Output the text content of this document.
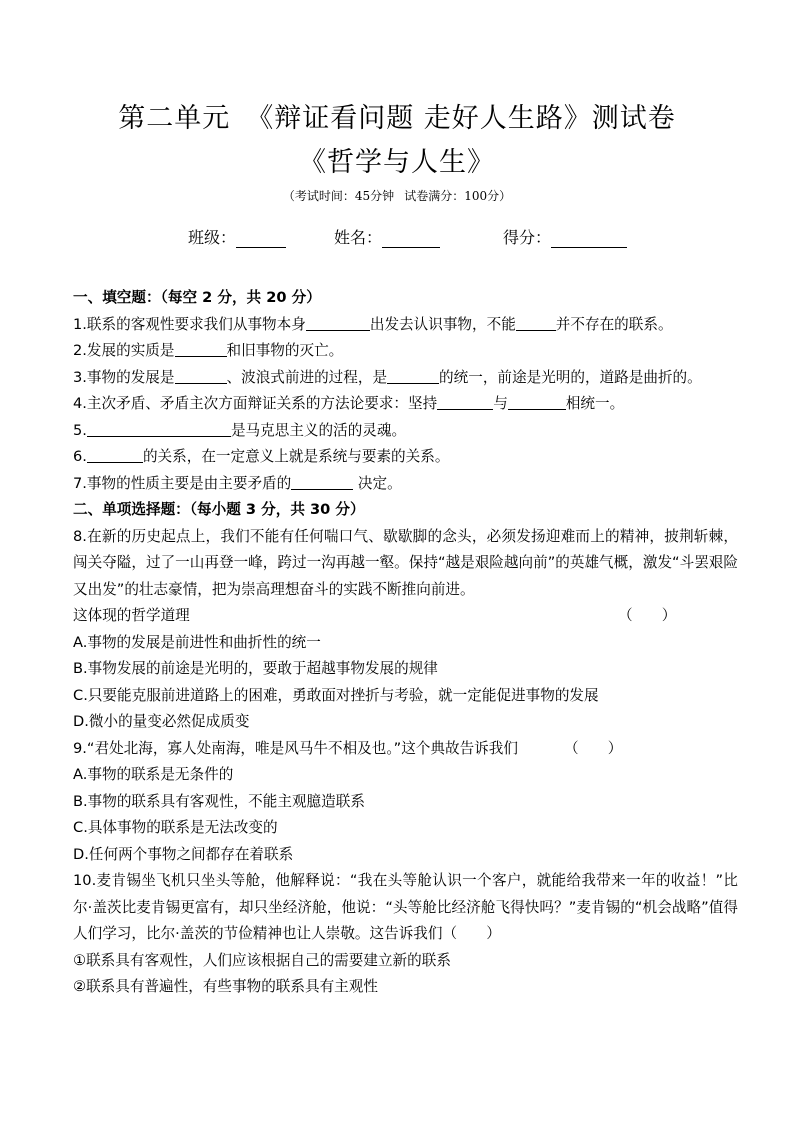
第二单元 《辩证看问题 走好人生路》测试卷
《哲学与人生》
（考试时间：45分钟 试卷满分：100分）
班级：	姓名：	得分：
一、填空题：（每空 2 分，共 20 分）
1.联系的客观性要求我们从事物本身	出发去认识事物，不能	并不存在的联系。
2.发展的实质是	和旧事物的灭亡。
3.事物的发展是	、波浪式前进的过程，是	的统一，前途是光明的，道路是曲折的。
4.主次矛盾、矛盾主次方面辩证关系的方法论要求：坚持	与	相统一。
5.	是马克思主义的活的灵魂。
6.	的关系，在一定意义上就是系统与要素的关系。
7.事物的性质主要是由主要矛盾的	决定。
二、单项选择题：（每小题 3 分，共 30 分）
8.在新的历史起点上，我们不能有任何喘口气、歇歇脚的念头，必须发扬迎难而上的精神，披荆斩棘，闯关夺隘，过了一山再登一峰，跨过一沟再越一壑。保持“越是艰险越向前”的英雄气概，激发“斗罢艰险又出发”的壮志豪情，把为崇高理想奋斗的实践不断推向前进。
这体现的哲学道理	（　　）
A.事物的发展是前进性和曲折性的统一
B.事物发展的前途是光明的，要敢于超越事物发展的规律
C.只要能克服前进道路上的困难，勇敢面对挫折与考验，就一定能促进事物的发展
D.微小的量变必然促成质变
9.“君处北海，寡人处南海，唯是风马牛不相及也。”这个典故告诉我们	（　　）
A.事物的联系是无条件的
B.事物的联系具有客观性，不能主观臆造联系
C.具体事物的联系是无法改变的
D.任何两个事物之间都存在着联系
10.麦肯锡坐飞机只坐头等舱，他解释说：“我在头等舱认识一个客户，就能给我带来一年的收益！”比尔·盖茨比麦肯锡更富有，却只坐经济舱，他说：“头等舱比经济舱飞得快吗？”麦肯锡的“机会战略”值得人们学习，比尔·盖茨的节俭精神也让人崇敬。这告诉我们（　　）
①联系具有客观性，人们应该根据自己的需要建立新的联系
②联系具有普遍性，有些事物的联系具有主观性
